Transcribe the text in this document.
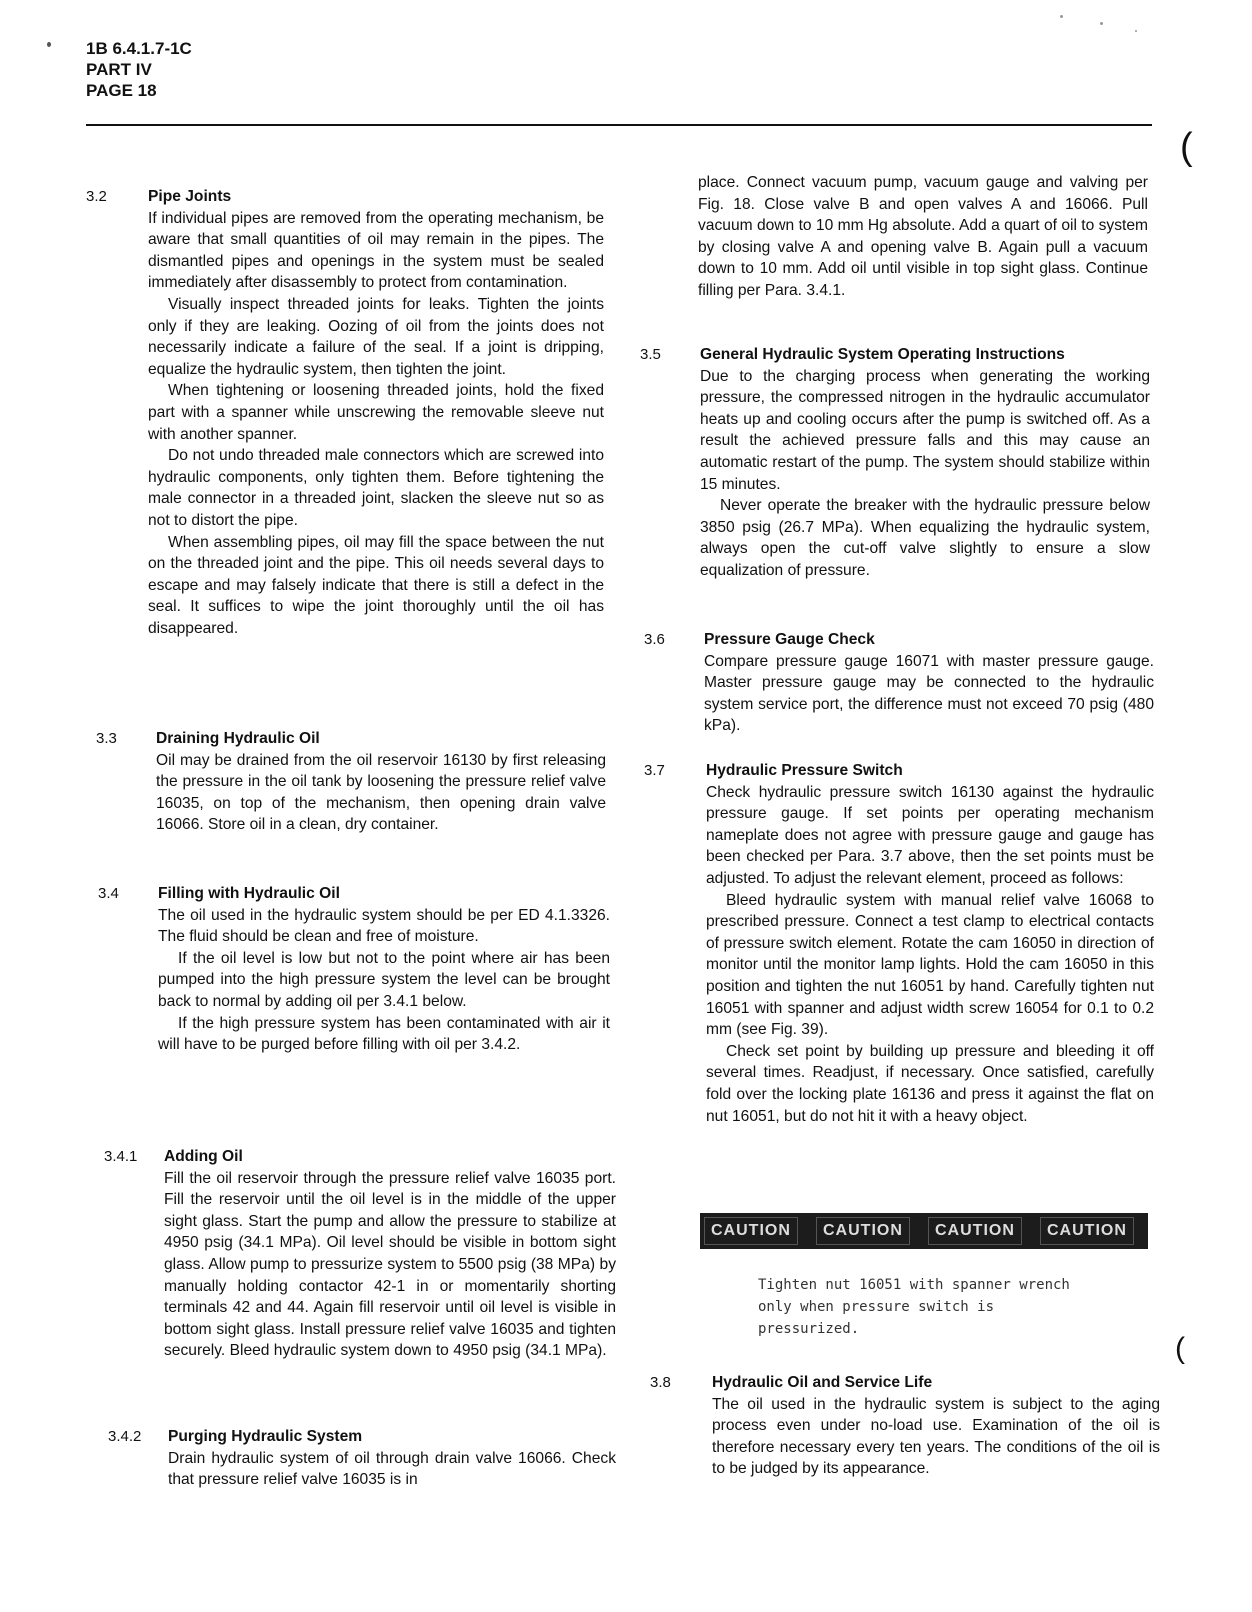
1B 6.4.1.7-1C
PART IV
PAGE 18
(
(
3.2	Pipe Joints

If individual pipes are removed from the operating mechanism, be aware that small quantities of oil may remain in the pipes. The dismantled pipes and openings in the system must be sealed immediately after disassembly to protect from contamination.

Visually inspect threaded joints for leaks. Tighten the joints only if they are leaking. Oozing of oil from the joints does not necessarily indicate a failure of the seal. If a joint is dripping, equalize the hydraulic system, then tighten the joint.

When tightening or loosening threaded joints, hold the fixed part with a spanner while unscrewing the removable sleeve nut with another spanner.

Do not undo threaded male connectors which are screwed into hydraulic components, only tighten them. Before tightening the male connector in a threaded joint, slacken the sleeve nut so as not to distort the pipe.

When assembling pipes, oil may fill the space between the nut on the threaded joint and the pipe. This oil needs several days to escape and may falsely indicate that there is still a defect in the seal. It suffices to wipe the joint thoroughly until the oil has disappeared.

3.3	Draining Hydraulic Oil

Oil may be drained from the oil reservoir 16130 by first releasing the pressure in the oil tank by loosening the pressure relief valve 16035, on top of the mechanism, then opening drain valve 16066. Store oil in a clean, dry container.

3.4	Filling with Hydraulic Oil

The oil used in the hydraulic system should be per ED 4.1.3326. The fluid should be clean and free of moisture.

If the oil level is low but not to the point where air has been pumped into the high pressure system the level can be brought back to normal by adding oil per 3.4.1 below.

If the high pressure system has been contaminated with air it will have to be purged before filling with oil per 3.4.2.

3.4.1 Adding Oil

Fill the oil reservoir through the pressure relief valve 16035 port. Fill the reservoir until the oil level is in the middle of the upper sight glass. Start the pump and allow the pressure to stabilize at 4950 psig (34.1 MPa). Oil level should be visible in bottom sight glass. Allow pump to pressurize system to 5500 psig (38 MPa) by manually holding contactor 42-1 in or momentarily shorting terminals 42 and 44. Again fill reservoir until oil level is visible in bottom sight glass. Install pressure relief valve 16035 and tighten securely. Bleed hydraulic system down to 4950 psig (34.1 MPa).

3.4.2 Purging Hydraulic System

Drain hydraulic system of oil through drain valve 16066. Check that pressure relief valve 16035 is in

place. Connect vacuum pump, vacuum gauge and valving per Fig. 18. Close valve B and open valves A and 16066. Pull vacuum down to 10 mm Hg absolute. Add a quart of oil to system by closing valve A and opening valve B. Again pull a vacuum down to 10 mm. Add oil until visible in top sight glass. Continue filling per Para. 3.4.1.

3.5	General Hydraulic System Operating Instructions

Due to the charging process when generating the working pressure, the compressed nitrogen in the hydraulic accumulator heats up and cooling occurs after the pump is switched off. As a result the achieved pressure falls and this may cause an automatic restart of the pump. The system should stabilize within 15 minutes.

Never operate the breaker with the hydraulic pressure below 3850 psig (26.7 MPa). When equalizing the hydraulic system, always open the cut-off valve slightly to ensure a slow equalization of pressure.

3.6	Pressure Gauge Check

Compare pressure gauge 16071 with master pressure gauge. Master pressure gauge may be connected to the hydraulic system service port, the difference must not exceed 70 psig (480 kPa).

3.7	Hydraulic Pressure Switch

Check hydraulic pressure switch 16130 against the hydraulic pressure gauge. If set points per operating mechanism nameplate does not agree with pressure gauge and gauge has been checked per Para. 3.7 above, then the set points must be adjusted. To adjust the relevant element, proceed as follows:

Bleed hydraulic system with manual relief valve 16068 to prescribed pressure. Connect a test clamp to electrical contacts of pressure switch element. Rotate the cam 16050 in direction of monitor until the monitor lamp lights. Hold the cam 16050 in this position and tighten the nut 16051 by hand. Carefully tighten nut 16051 with spanner and adjust width screw 16054 for 0.1 to 0.2 mm (see Fig. 39).

Check set point by building up pressure and bleeding it off several times. Readjust, if necessary. Once satisfied, carefully fold over the locking plate 16136 and press it against the flat on nut 16051, but do not hit it with a heavy object.

3.8	Hydraulic Oil and Service Life

The oil used in the hydraulic system is subject to the aging process even under no-load use. Examination of the oil is therefore necessary every ten years. The conditions of the oil is to be judged by its appearance.

CAUTION	CAUTION	CAUTION	CAUTION
Tighten nut 16051 with spanner wrench only when pressure switch is pressurized.
